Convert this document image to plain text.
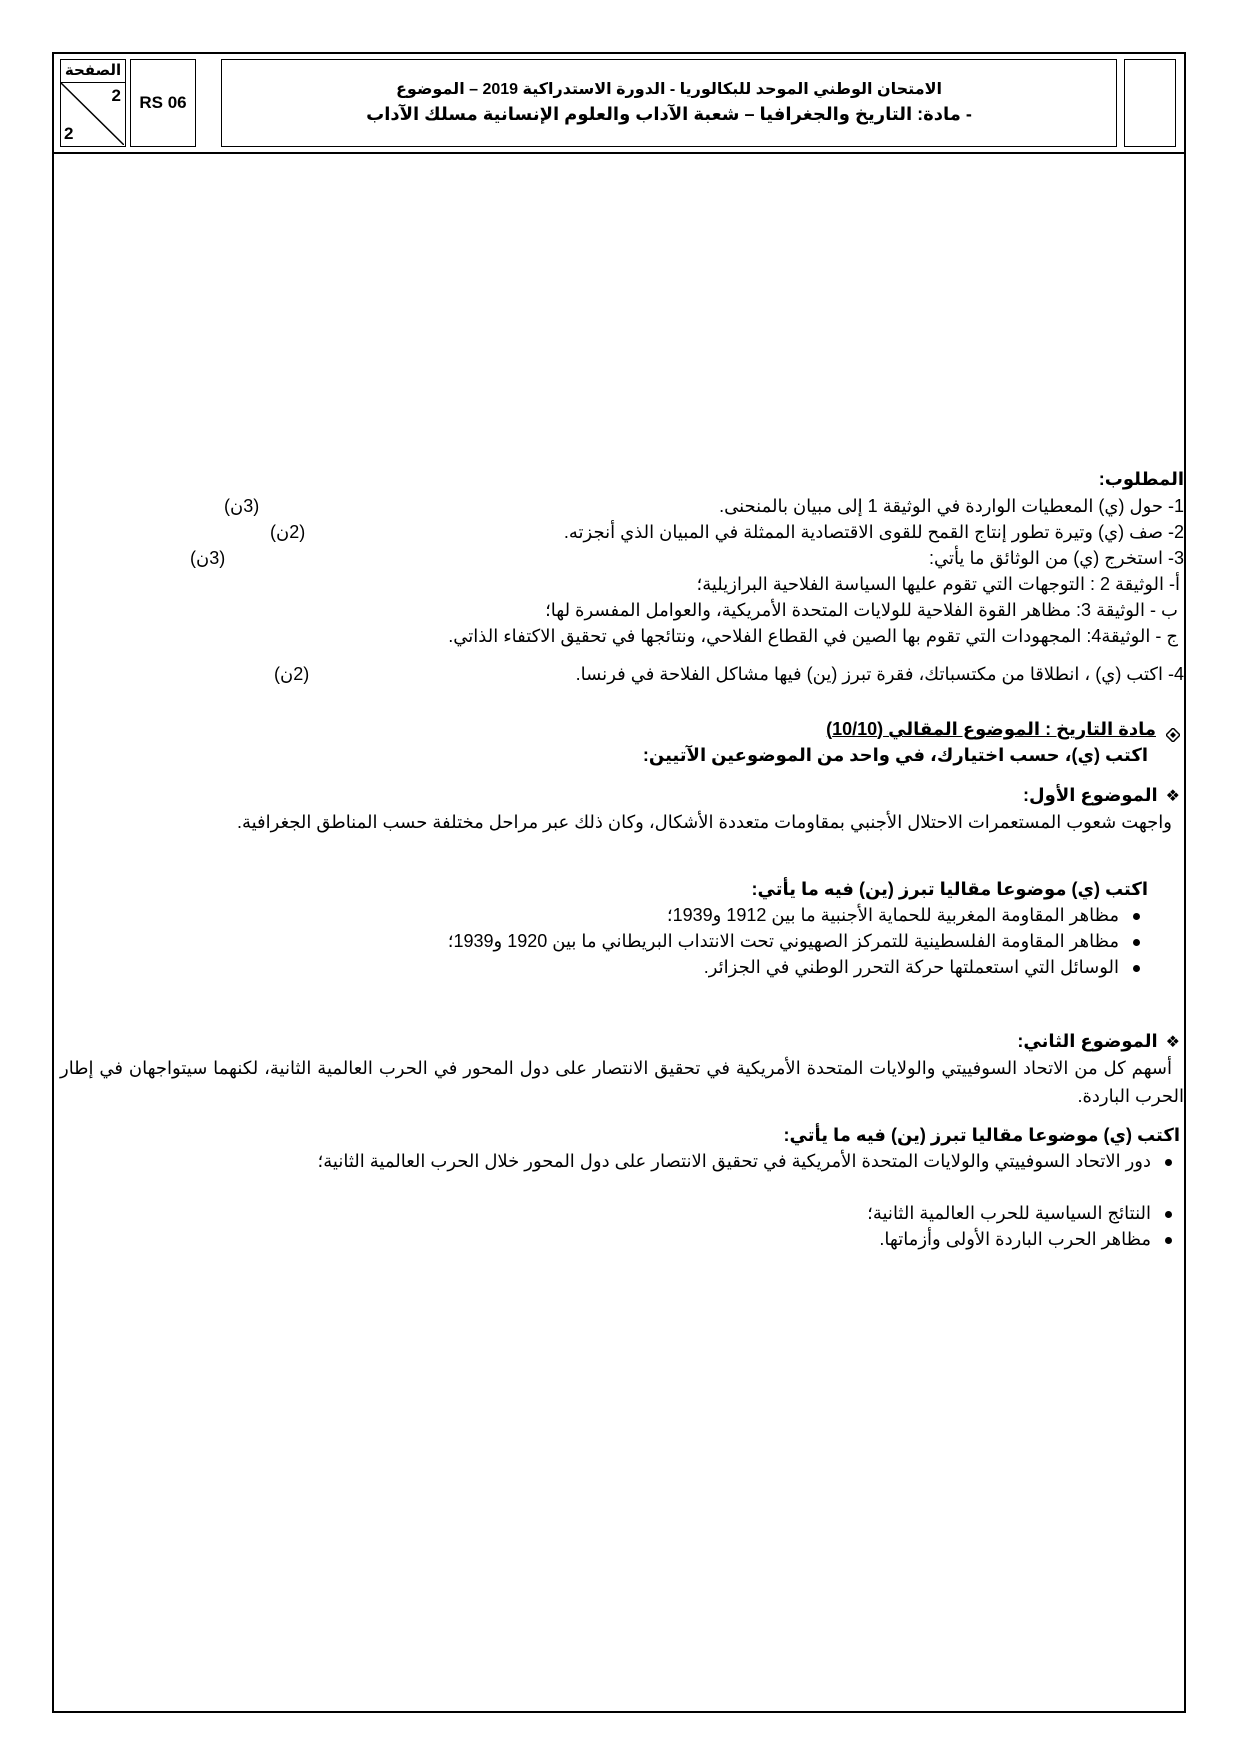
الصفحة
2
2
RS 06
الامتحان الوطني الموحد للبكالوريا - الدورة الاستدراكية 2019 – الموضوع
- مادة: التاريخ والجغرافيا – شعبة الآداب والعلوم الإنسانية مسلك الآداب
المطلوب:
1- حول (ي) المعطيات الواردة في الوثيقة 1 إلى مبيان بالمنحنى.
(3ن)
2- صف (ي) وتيرة تطور إنتاج القمح للقوى الاقتصادية الممثلة في المبيان الذي أنجزته.
(2ن)
3- استخرج (ي) من الوثائق ما يأتي:
(3ن)
أ- الوثيقة 2 : التوجهات التي تقوم عليها السياسة الفلاحية البرازيلية؛
ب - الوثيقة 3: مظاهر القوة الفلاحية للولايات المتحدة الأمريكية، والعوامل المفسرة لها؛
ج - الوثيقة4: المجهودات التي تقوم بها الصين في القطاع الفلاحي، ونتائجها في تحقيق الاكتفاء الذاتي.
4- اكتب (ي) ، انطلاقا من مكتسباتك، فقرة تبرز (ين) فيها مشاكل الفلاحة في فرنسا.
(2ن)
مادة التاريخ : الموضوع المقالي (10/10)
اكتب (ي)، حسب اختيارك، في واحد من الموضوعين الآتيين:
❖الموضوع الأول:
واجهت شعوب المستعمرات الاحتلال الأجنبي بمقاومات متعددة الأشكال، وكان ذلك عبر مراحل مختلفة حسب المناطق الجغرافية.
اكتب (ي) موضوعا مقاليا تبرز (ين) فيه ما يأتي:
مظاهر المقاومة المغربية للحماية الأجنبية ما بين 1912 و1939؛
مظاهر المقاومة الفلسطينية للتمركز الصهيوني تحت الانتداب البريطاني ما بين 1920 و1939؛
الوسائل التي استعملتها حركة التحرر الوطني في الجزائر.
❖الموضوع الثاني:
أسهم كل من الاتحاد السوفييتي والولايات المتحدة الأمريكية في تحقيق الانتصار على دول المحور في الحرب العالمية الثانية، لكنهما سيتواجهان في إطار الحرب الباردة.
اكتب (ي) موضوعا مقاليا تبرز (ين) فيه ما يأتي:
دور الاتحاد السوفييتي والولايات المتحدة الأمريكية في تحقيق الانتصار على دول المحور خلال الحرب العالمية الثانية؛
النتائج السياسية للحرب العالمية الثانية؛
مظاهر الحرب الباردة الأولى وأزماتها.
